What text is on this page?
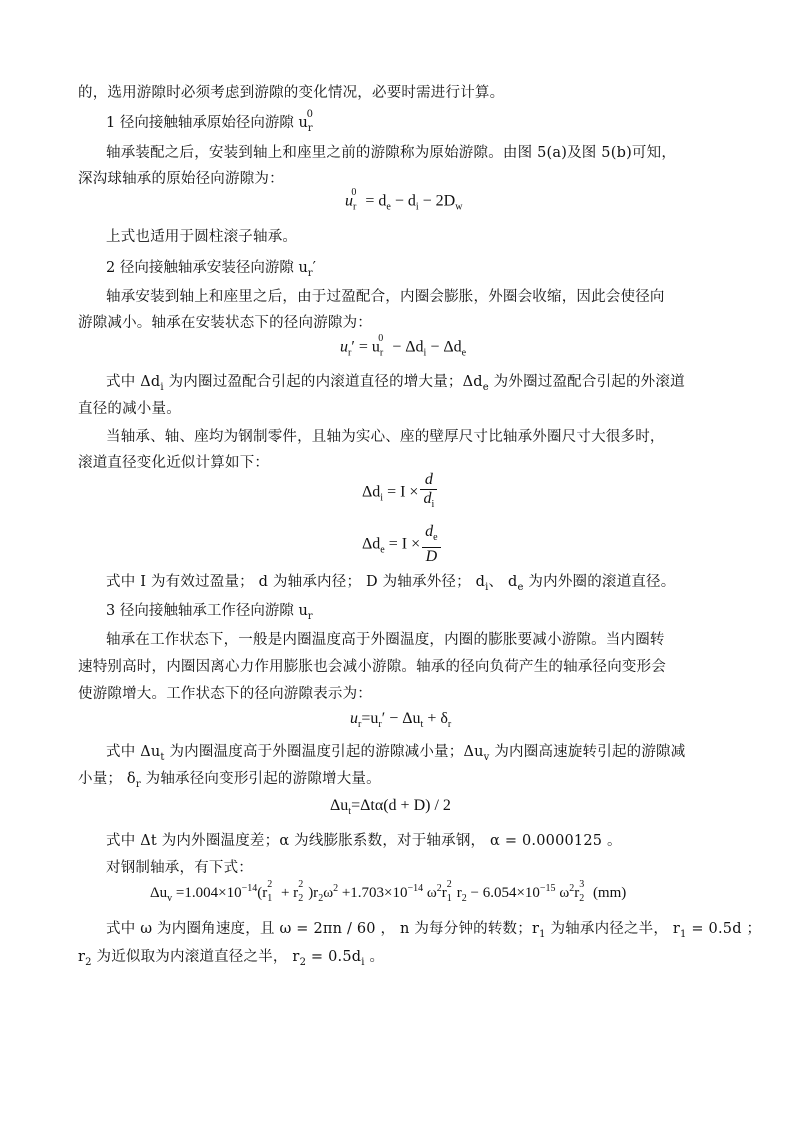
的，选用游隙时必须考虑到游隙的变化情况，必要时需进行计算。
1 径向接触轴承原始径向游隙 $u_r^0$
轴承装配之后，安装到轴上和座里之前的游隙称为原始游隙。由图 5(a)及图 5(b)可知，
深沟球轴承的原始径向游隙为：
$u_r^0 = d_e - d_i - 2D_w$
上式也适用于圆柱滚子轴承。
2 径向接触轴承安装径向游隙 $u_r'$
轴承安装到轴上和座里之后，由于过盈配合，内圈会膨胀，外圈会收缩，因此会使径向
游隙减小。轴承在安装状态下的径向游隙为：
$u_r' = u_r^0 - \Delta d_i - \Delta d_e$
式中 $\Delta d_i$ 为内圈过盈配合引起的内滚道直径的增大量；$\Delta d_e$ 为外圈过盈配合引起的外滚道
直径的减小量。
当轴承、轴、座均为钢制零件，且轴为实心、座的壁厚尺寸比轴承外圈尺寸大很多时，
滚道直径变化近似计算如下：
$\Delta d_i = I \times \frac{d}{d_i}$
$\Delta d_e = I \times \frac{d_e}{D}$
式中 I 为有效过盈量； d 为轴承内径； D 为轴承外径； $d_i$、 $d_e$ 为内外圈的滚道直径。
3 径向接触轴承工作径向游隙 $u_r$
轴承在工作状态下，一般是内圈温度高于外圈温度，内圈的膨胀要减小游隙。当内圈转
速特别高时，内圈因离心力作用膨胀也会减小游隙。轴承的径向负荷产生的轴承径向变形会
使游隙增大。工作状态下的径向游隙表示为：
$u_r=u_r' - \Delta u_t + \delta_r$
式中 $\Delta u_t$ 为内圈温度高于外圈温度引起的游隙减小量；$\Delta u_v$ 为内圈高速旋转引起的游隙减
小量； $\delta_r$ 为轴承径向变形引起的游隙增大量。
$\Delta u_t=\Delta t\alpha(d + D) / 2$
式中 Δt 为内外圈温度差；α 为线膨胀系数，对于轴承钢， α = 0.0000125 。
对钢制轴承，有下式：
$\Delta u_v =1.004\times 10^{-14}(r_1^2 + r_2^2)r_2\omega^2 +1.703\times 10^{-14}$ $\omega^2r_1^2r_2 - 6.054\times 10^{-15}$ $\omega^2r_2^3$ (mm)
式中 ω 为内圈角速度，且 ω = 2πn / 60 ， n 为每分钟的转数；$r_1$ 为轴承内径之半， $r_1 = 0.5d$ ；
$r_2$ 为近似取为内滚道直径之半， $r_2 = 0.5d_i$ 。
